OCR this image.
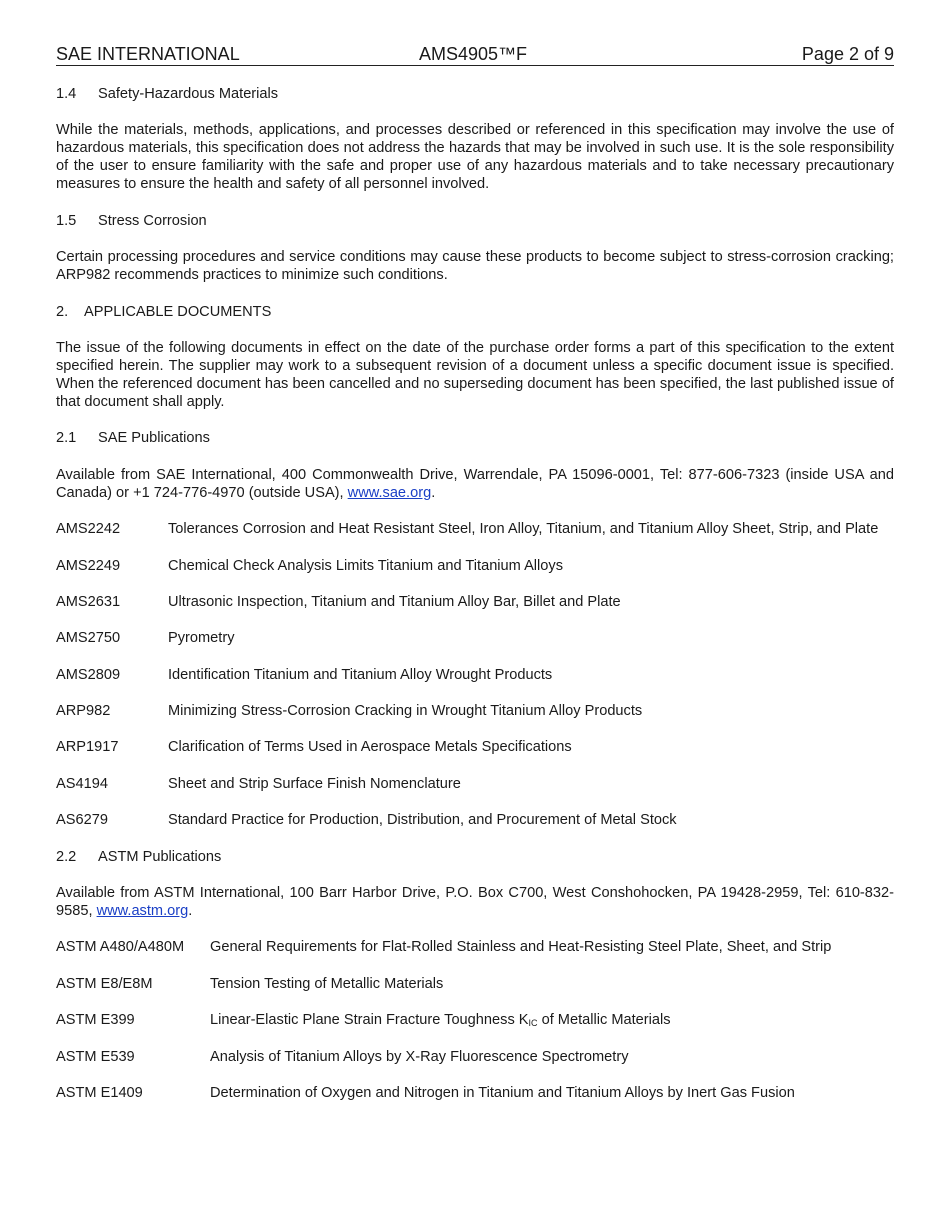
SAE INTERNATIONAL	AMS4905™F	Page 2 of 9
1.4 Safety-Hazardous Materials

While the materials, methods, applications, and processes described or referenced in this specification may involve the use of hazardous materials, this specification does not address the hazards that may be involved in such use. It is the sole responsibility of the user to ensure familiarity with the safe and proper use of any hazardous materials and to take necessary precautionary measures to ensure the health and safety of all personnel involved.

1.5 Stress Corrosion

Certain processing procedures and service conditions may cause these products to become subject to stress-corrosion cracking; ARP982 recommends practices to minimize such conditions.

2. APPLICABLE DOCUMENTS

The issue of the following documents in effect on the date of the purchase order forms a part of this specification to the extent specified herein. The supplier may work to a subsequent revision of a document unless a specific document issue is specified. When the referenced document has been cancelled and no superseding document has been specified, the last published issue of that document shall apply.

2.1 SAE Publications

Available from SAE International, 400 Commonwealth Drive, Warrendale, PA 15096-0001, Tel: 877-606-7323 (inside USA and Canada) or +1 724-776-4970 (outside USA), www.sae.org.

AMS2242	Tolerances Corrosion and Heat Resistant Steel, Iron Alloy, Titanium, and Titanium Alloy Sheet, Strip, and Plate
AMS2249	Chemical Check Analysis Limits Titanium and Titanium Alloys
AMS2631	Ultrasonic Inspection, Titanium and Titanium Alloy Bar, Billet and Plate
AMS2750	Pyrometry
AMS2809	Identification Titanium and Titanium Alloy Wrought Products
ARP982	Minimizing Stress-Corrosion Cracking in Wrought Titanium Alloy Products
ARP1917	Clarification of Terms Used in Aerospace Metals Specifications
AS4194	Sheet and Strip Surface Finish Nomenclature
AS6279	Standard Practice for Production, Distribution, and Procurement of Metal Stock
2.2 ASTM Publications

Available from ASTM International, 100 Barr Harbor Drive, P.O. Box C700, West Conshohocken, PA 19428-2959, Tel: 610-832-9585, www.astm.org.

ASTM A480/A480M	General Requirements for Flat-Rolled Stainless and Heat-Resisting Steel Plate, Sheet, and Strip
ASTM E8/E8M	Tension Testing of Metallic Materials
ASTM E399	Linear-Elastic Plane Strain Fracture Toughness $K_{IC}$ of Metallic Materials
ASTM E539	Analysis of Titanium Alloys by X-Ray Fluorescence Spectrometry
ASTM E1409	Determination of Oxygen and Nitrogen in Titanium and Titanium Alloys by Inert Gas Fusion
